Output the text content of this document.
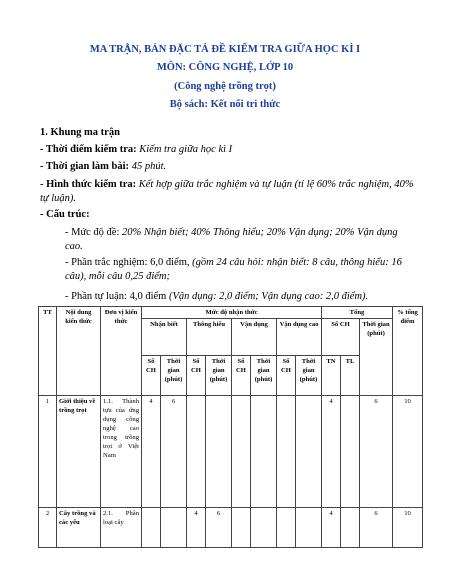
MA TRẬN, BẢN ĐẶC TẢ ĐỀ KIỂM TRA GIỮA HỌC KÌ I
MÔN: CÔNG NGHỆ, LỚP 10
(Công nghệ trồng trọt)
Bộ sách: Kết nối tri thức
1. Khung ma trận
- Thời điểm kiểm tra: Kiểm tra giữa học kì I
- Thời gian làm bài: 45 phút.
- Hình thức kiểm tra: Kết hợp giữa trắc nghiệm và tự luận (tỉ lệ 60% trắc nghiệm, 40% tự luận).
- Cấu trúc:
- Mức độ đề: 20% Nhận biết; 40% Thông hiểu; 20% Vận dụng; 20% Vận dụng cao.
- Phần trắc nghiệm: 6,0 điểm, (gồm 24 câu hỏi: nhận biết: 8 câu, thông hiểu: 16 câu), mỗi câu 0,25 điểm;
- Phần tự luận: 4,0 điểm (Vận dụng: 2,0 điểm; Vận dụng cao: 2,0 điểm).
TT	Nội dung kiến thức	Đơn vị kiến thức	Mức độ nhận thức								Tổng			% tổng điểm
			Nhận biết		Thông hiểu		Vận dụng		Vận dụng cao		Số CH		Thời gian (phút)	
			Số CH	Thời gian (phút)	Số CH	Thời gian (phút)	Số CH	Thời gian (phút)	Số CH	Thời gian (phút)	TN	TL		
1	Giới thiệu về trồng trọt	1.1. Thành tựu của ứng dụng công nghệ cao trong trồng trọt ở Việt Nam	4	6							4		6	10
2	Cây trồng và các yếu	2.1. Phân loại cây			4	6					4		6	10
